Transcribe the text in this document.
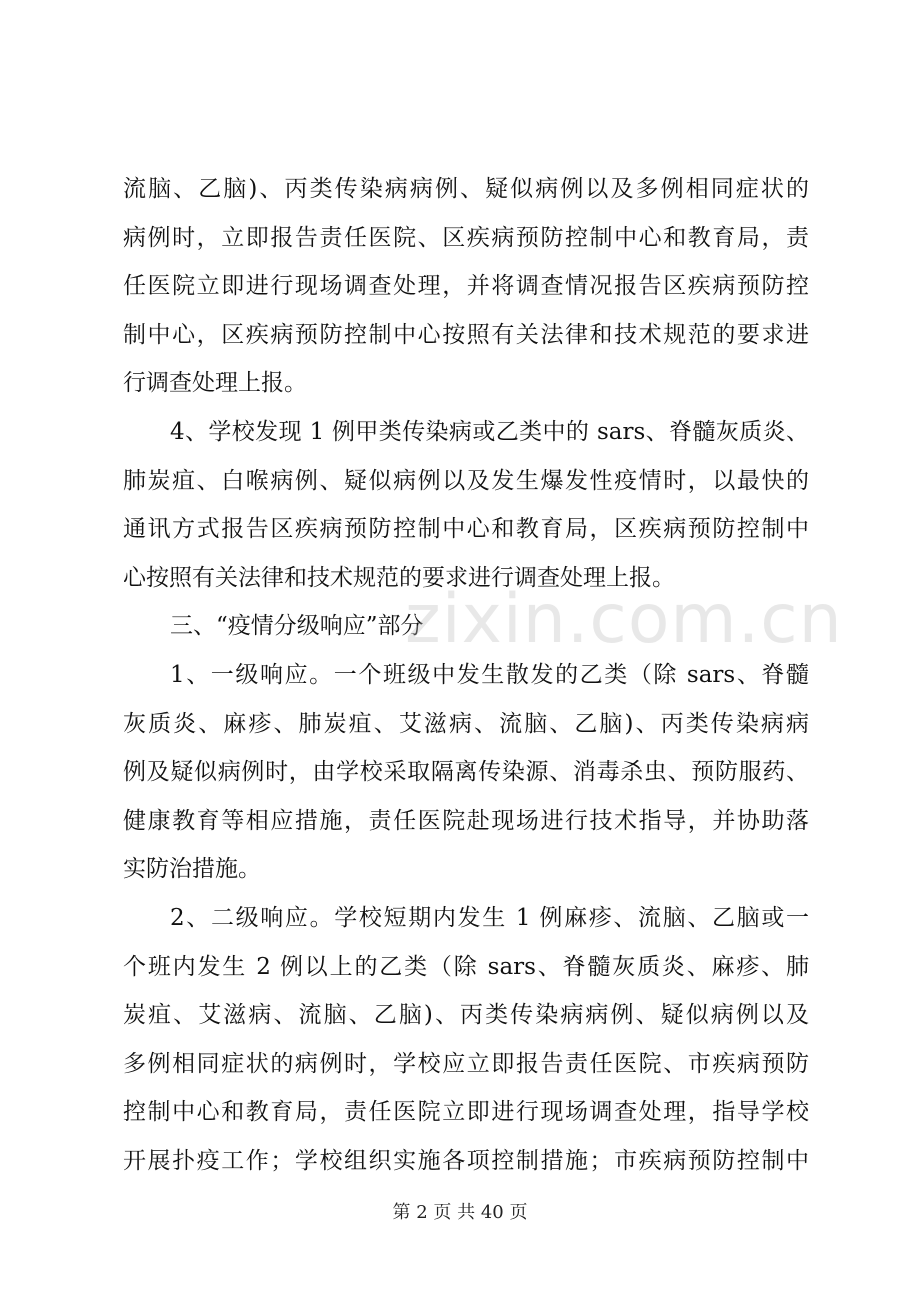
流脑、乙脑)、丙类传染病病例、疑似病例以及多例相同症状的
病例时，立即报告责任医院、区疾病预防控制中心和教育局，责
任医院立即进行现场调查处理，并将调查情况报告区疾病预防控
制中心，区疾病预防控制中心按照有关法律和技术规范的要求进
行调查处理上报。
4、学校发现 1 例甲类传染病或乙类中的 sars、脊髓灰质炎、
肺炭疽、白喉病例、疑似病例以及发生爆发性疫情时，以最快的
通讯方式报告区疾病预防控制中心和教育局，区疾病预防控制中
心按照有关法律和技术规范的要求进行调查处理上报。
三、“疫情分级响应”部分
1、一级响应。一个班级中发生散发的乙类（除 sars、脊髓
灰质炎、麻疹、肺炭疽、艾滋病、流脑、乙脑)、丙类传染病病
例及疑似病例时，由学校采取隔离传染源、消毒杀虫、预防服药、
健康教育等相应措施，责任医院赴现场进行技术指导，并协助落
实防治措施。
2、二级响应。学校短期内发生 1 例麻疹、流脑、乙脑或一
个班内发生 2 例以上的乙类（除 sars、脊髓灰质炎、麻疹、肺
炭疽、艾滋病、流脑、乙脑)、丙类传染病病例、疑似病例以及
多例相同症状的病例时，学校应立即报告责任医院、市疾病预防
控制中心和教育局，责任医院立即进行现场调查处理，指导学校
开展扑疫工作；学校组织实施各项控制措施；市疾病预防控制中
zixin.com.cn
第 2 页 共 40 页
